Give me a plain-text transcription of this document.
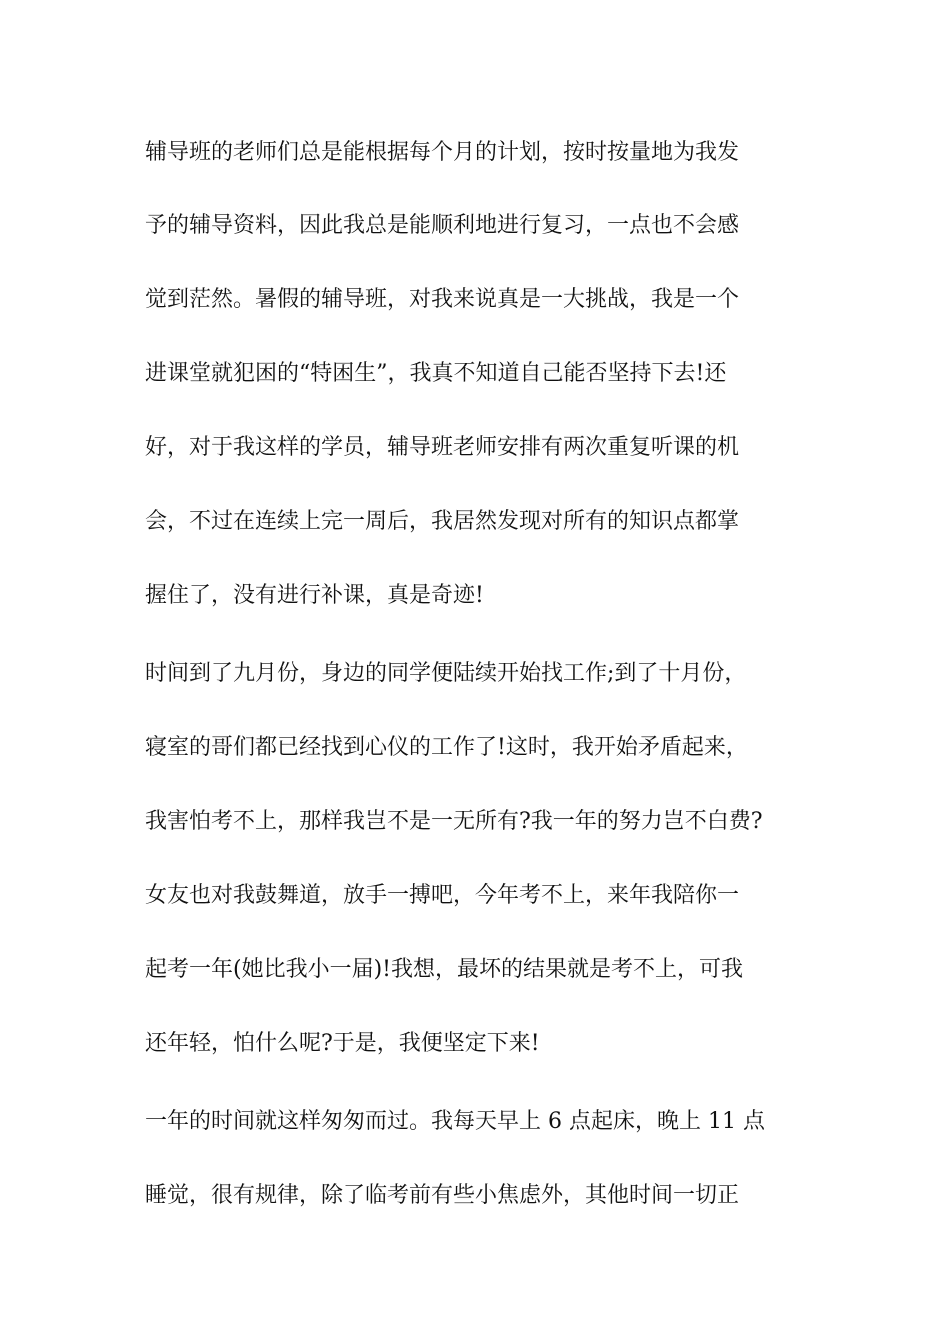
辅导班的老师们总是能根据每个月的计划，按时按量地为我发
予的辅导资料，因此我总是能顺利地进行复习，一点也不会感
觉到茫然。暑假的辅导班，对我来说真是一大挑战，我是一个
进课堂就犯困的“特困生”，我真不知道自己能否坚持下去!还
好，对于我这样的学员，辅导班老师安排有两次重复听课的机
会，不过在连续上完一周后，我居然发现对所有的知识点都掌
握住了，没有进行补课，真是奇迹!
时间到了九月份，身边的同学便陆续开始找工作;到了十月份，
寝室的哥们都已经找到心仪的工作了!这时，我开始矛盾起来，
我害怕考不上，那样我岂不是一无所有?我一年的努力岂不白费?
女友也对我鼓舞道，放手一搏吧，今年考不上，来年我陪你一
起考一年(她比我小一届)!我想，最坏的结果就是考不上，可我
还年轻，怕什么呢?于是，我便坚定下来!
一年的时间就这样匆匆而过。我每天早上 6 点起床，晚上 11 点
睡觉，很有规律，除了临考前有些小焦虑外，其他时间一切正
